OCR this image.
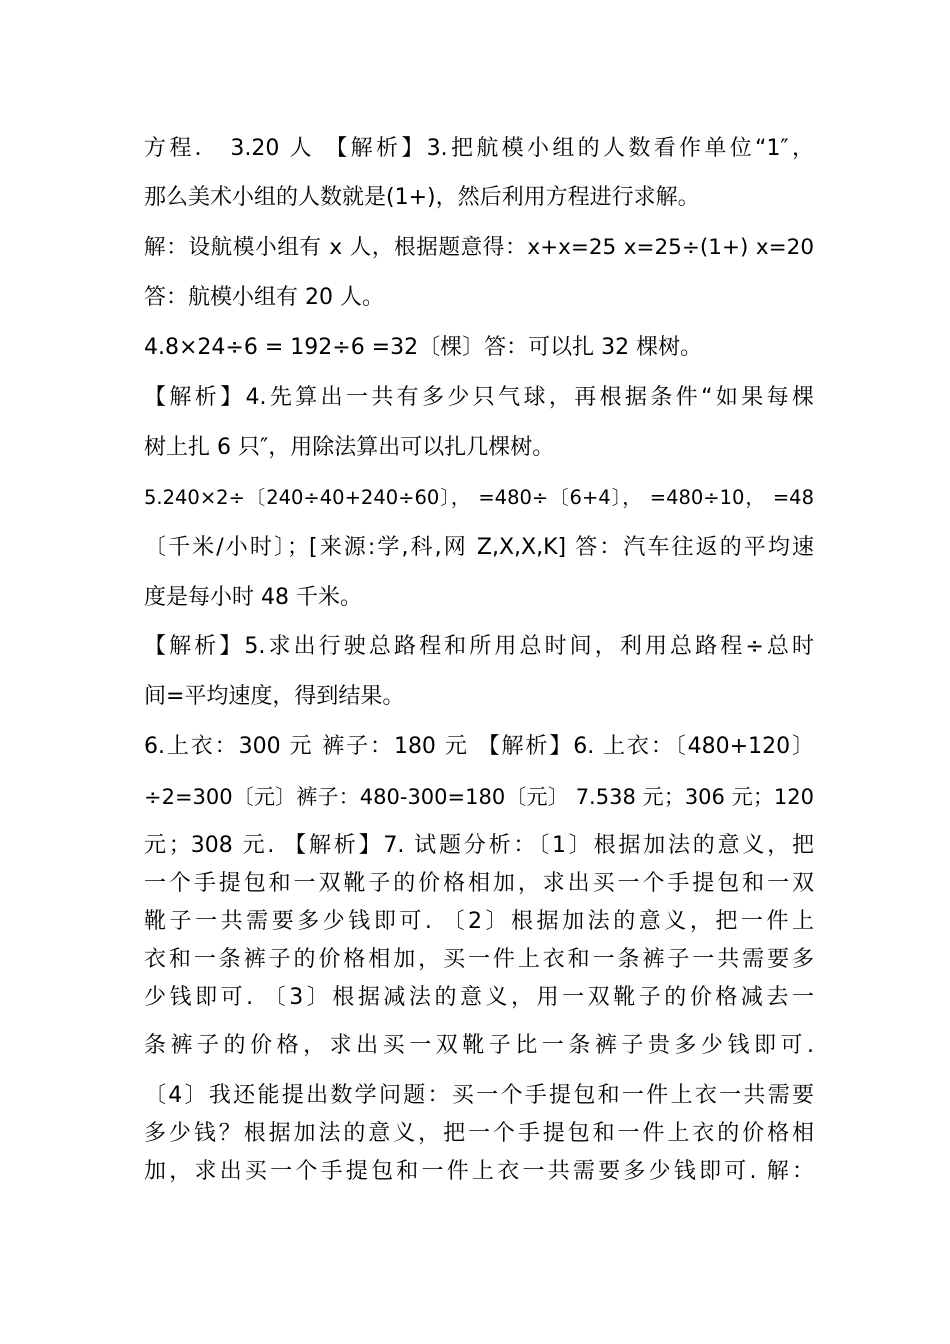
方程． 3.20 人 【解析】3.把航模小组的人数看作单位“1″，
那么美术小组的人数就是(1+)，然后利用方程进行求解。
解：设航模小组有 x 人，根据题意得：x+x=25 x=25÷(1+) x=20
答：航模小组有 20 人。
4.8×24÷6 = 192÷6 =32〔棵〕答：可以扎 32 棵树。
【解析】4.先算出一共有多少只气球，再根据条件“如果每棵
树上扎 6 只″，用除法算出可以扎几棵树。
5.240×2÷〔240÷40+240÷60〕， =480÷〔6+4〕， =480÷10， =48
〔千米/小时〕；[来源:学,科,网 Z,X,X,K] 答：汽车往返的平均速
度是每小时 48 千米。
【解析】5.求出行驶总路程和所用总时间，利用总路程÷总时
间=平均速度，得到结果。
6.上衣：300 元 裤子：180 元 【解析】6. 上衣：〔480+120〕
÷2=300〔元〕裤子：480-300=180〔元〕 7.538 元；306 元；120
元；308 元. 【解析】7. 试题分析：〔1〕根据加法的意义，把
一个手提包和一双靴子的价格相加，求出买一个手提包和一双
靴子一共需要多少钱即可. 〔2〕根据加法的意义，把一件上
衣和一条裤子的价格相加，买一件上衣和一条裤子一共需要多
少钱即可. 〔3〕根据减法的意义，用一双靴子的价格减去一
条裤子的价格，求出买一双靴子比一条裤子贵多少钱即可.
〔4〕我还能提出数学问题：买一个手提包和一件上衣一共需要
多少钱？根据加法的意义，把一个手提包和一件上衣的价格相
加，求出买一个手提包和一件上衣一共需要多少钱即可. 解：
